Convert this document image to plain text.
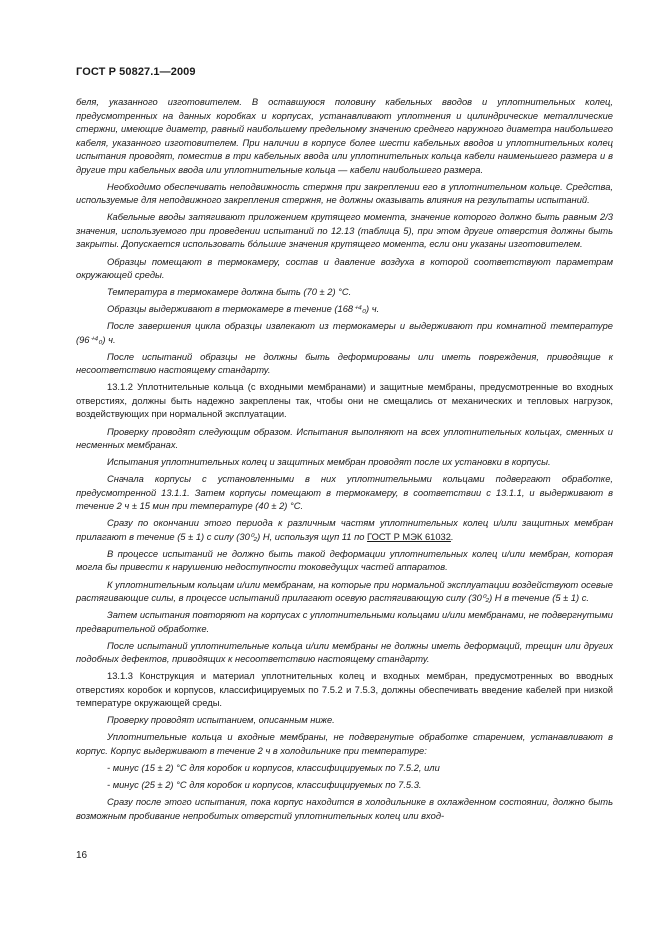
ГОСТ Р 50827.1—2009

беля, указанного изготовителем. В оставшуюся половину кабельных вводов и уплотнительных колец, предусмотренных на данных коробках и корпусах, устанавливают уплотнения и цилиндрические металлические стержни, имеющие диаметр, равный наибольшему предельному значению среднего наружного диаметра наибольшего кабеля, указанного изготовителем. При наличии в корпусе более шести кабельных вводов и уплотнительных колец испытания проводят, поместив в три кабельных ввода или уплотнительных кольца кабели наименьшего размера и в другие три кабельных ввода или уплотнительные кольца — кабели наибольшего размера.

Необходимо обеспечивать неподвижность стержня при закреплении его в уплотнительном кольце. Средства, используемые для неподвижного закрепления стержня, не должны оказывать влияния на результаты испытаний.

Кабельные вводы затягивают приложением крутящего момента, значение которого должно быть равным 2/3 значения, используемого при проведении испытаний по 12.13 (таблица 5), при этом другие отверстия должны быть закрыты. Допускается использовать бо́льшие значения крутящего момента, если они указаны изготовителем.

Образцы помещают в термокамеру, состав и давление воздуха в которой соответствуют параметрам окружающей среды.

Температура в термокамере должна быть (70 ± 2) °С.

Образцы выдерживают в термокамере в течение (168⁺⁴₀) ч.

После завершения цикла образцы извлекают из термокамеры и выдерживают при комнатной температуре (96⁺⁴₀) ч.

После испытаний образцы не должны быть деформированы или иметь повреждения, приводящие к несоответствию настоящему стандарту.

13.1.2 Уплотнительные кольца (с входными мембранами) и защитные мембраны, предусмотренные во входных отверстиях, должны быть надежно закреплены так, чтобы они не смещались от механических и тепловых нагрузок, воздействующих при нормальной эксплуатации.

Проверку проводят следующим образом. Испытания выполняют на всех уплотнительных кольцах, сменных и несменных мембранах.

Испытания уплотнительных колец и защитных мембран проводят после их установки в корпусы.

Сначала корпусы с установленными в них уплотнительными кольцами подвергают обработке, предусмотренной 13.1.1. Затем корпусы помещают в термокамеру, в соответствии с 13.1.1, и выдерживают в течение 2 ч ± 15 мин при температуре (40 ± 2) °С.

Сразу по окончании этого периода к различным частям уплотнительных колец и/или защитных мембран прилагают в течение (5 ± 1) с силу (30⁰₂) Н, используя щуп 11 по ГОСТ Р МЭК 61032.

В процессе испытаний не должно быть такой деформации уплотнительных колец и/или мембран, которая могла бы привести к нарушению недоступности токоведущих частей аппаратов.

К уплотнительным кольцам и/или мембранам, на которые при нормальной эксплуатации воздействуют осевые растягивающие силы, в процессе испытаний прилагают осевую растягивающую силу (30⁰₂) Н в течение (5 ± 1) с.

Затем испытания повторяют на корпусах с уплотнительными кольцами и/или мембранами, не подвергнутыми предварительной обработке.

После испытаний уплотнительные кольца и/или мембраны не должны иметь деформаций, трещин или других подобных дефектов, приводящих к несоответствию настоящему стандарту.

13.1.3 Конструкция и материал уплотнительных колец и входных мембран, предусмотренных во вводных отверстиях коробок и корпусов, классифицируемых по 7.5.2 и 7.5.3, должны обеспечивать введение кабелей при низкой температуре окружающей среды.

Проверку проводят испытанием, описанным ниже.

Уплотнительные кольца и входные мембраны, не подвергнутые обработке старением, устанавливают в корпус. Корпус выдерживают в течение 2 ч в холодильнике при температуре:

- минус (15 ± 2) °С для коробок и корпусов, классифицируемых по 7.5.2, или

- минус (25 ± 2) °С для коробок и корпусов, классифицируемых по 7.5.3.

Сразу после этого испытания, пока корпус находится в холодильнике в охлажденном состоянии, должно быть возможным пробивание непробитых отверстий уплотнительных колец или вход-

16
